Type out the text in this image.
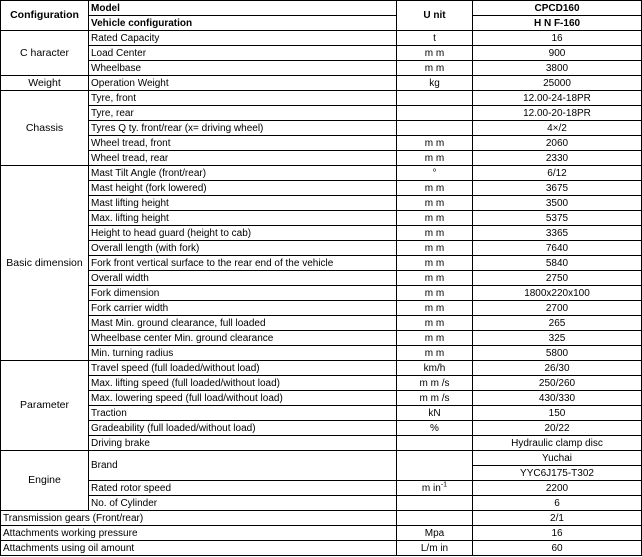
Configuration	Model	U nit	CPCD160
	Vehicle configuration		H N F-160
C haracter	Rated Capacity	t	16
	Load Center	m m	900
	Wheelbase	m m	3800
Weight	Operation Weight	kg	25000
Chassis	Tyre, front		12.00-24-18PR
	Tyre, rear		12.00-20-18PR
	Tyres Q ty. front/rear (x= driving wheel)		4×/2
	Wheel tread, front	m m	2060
	Wheel tread, rear	m m	2330
Basic dimension	Mast Tilt Angle (front/rear)	°	6/12
	Mast height (fork lowered)	m m	3675
	Mast lifting height	m m	3500
	Max. lifting height	m m	5375
	Height to head guard (height to cab)	m m	3365
	Overall length (with fork)	m m	7640
	Fork front vertical surface to the rear end of the vehicle	m m	5840
	Overall width	m m	2750
	Fork dimension	m m	1800x220x100
	Fork carrier width	m m	2700
	Mast Min. ground clearance, full loaded	m m	265
	Wheelbase center Min. ground clearance	m m	325
	Min. turning radius	m m	5800
Parameter	Travel speed (full loaded/without load)	km/h	26/30
	Max. lifting speed (full loaded/without load)	m m /s	250/260
	Max. lowering speed (full load/without load)	m m /s	430/330
	Traction	kN	150
	Gradeability (full loaded/without load)	%	20/22
	Driving brake		Hydraulic clamp disc
Engine	Brand		Yuchai
			YYC6J175-T302
	Rated rotor speed	m $in^{-1}$	2200
	No. of Cylinder		6
Transmission gears (Front/rear)			2/1
Attachments working pressure		Mpa	16
Attachments using oil amount		L/m in	60
